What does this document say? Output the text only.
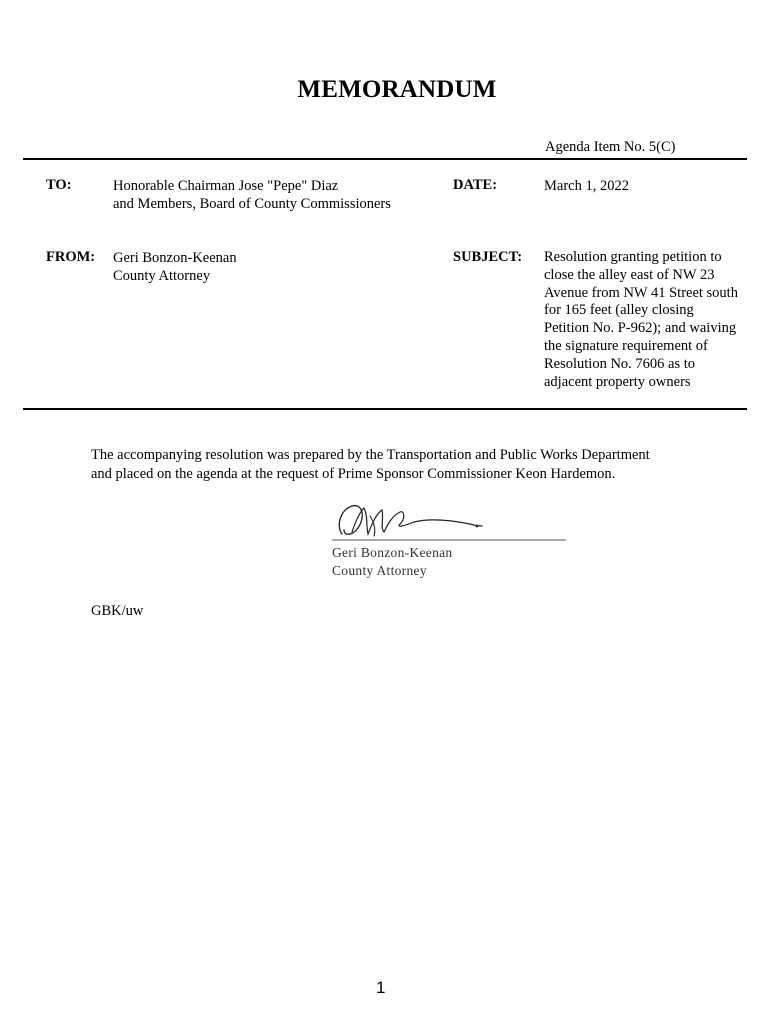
MEMORANDUM
Agenda Item No. 5(C)
TO:	Honorable Chairman Jose "Pepe" Diaz
and Members, Board of County Commissioners
DATE:	March 1, 2022
FROM: Geri Bonzon-Keenan
County Attorney
SUBJECT: Resolution granting petition to
close the alley east of NW 23
Avenue from NW 41 Street south
for 165 feet (alley closing
Petition No. P-962); and waiving
the signature requirement of
Resolution No. 7606 as to
adjacent property owners
The accompanying resolution was prepared by the Transportation and Public Works Department
and placed on the agenda at the request of Prime Sponsor Commissioner Keon Hardemon.
Geri Bonzon-Keenan
County Attorney
GBK/uw
1
